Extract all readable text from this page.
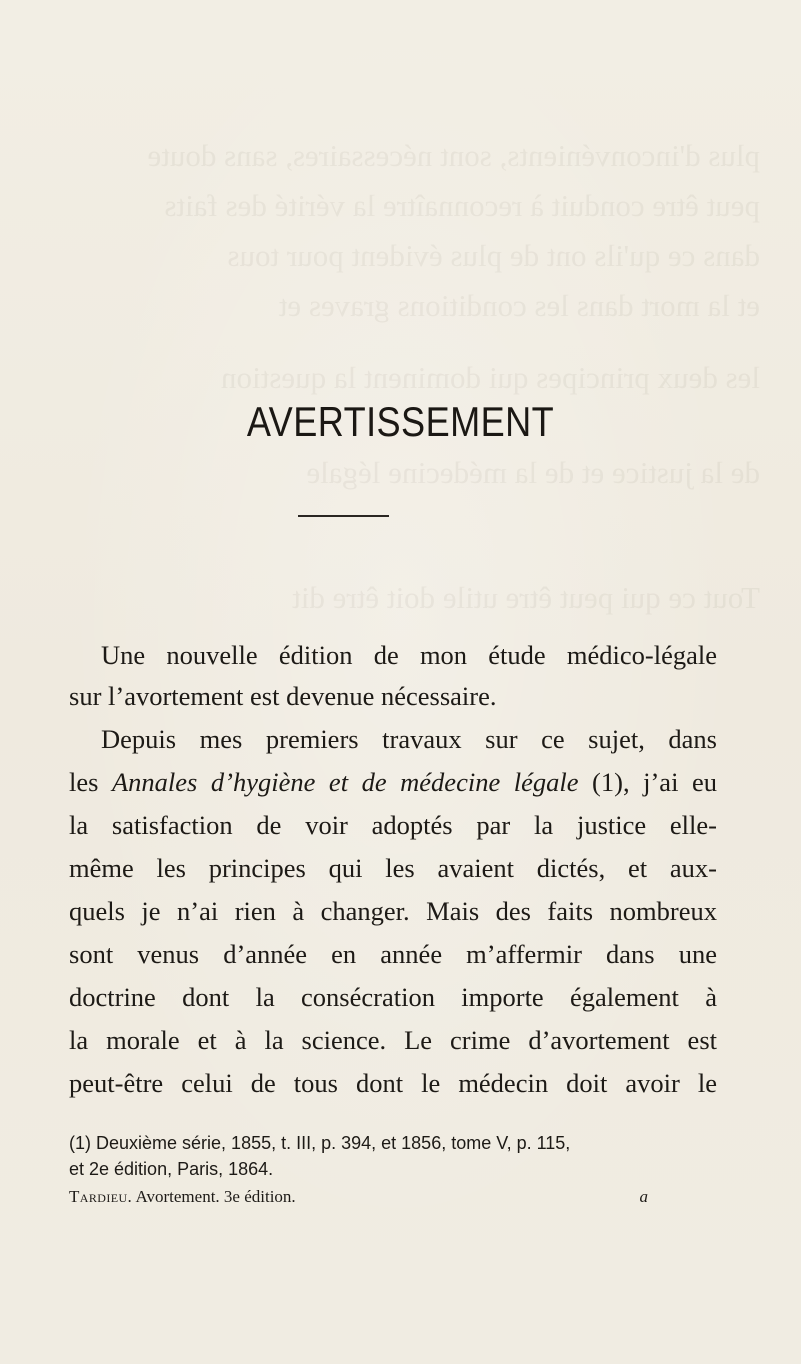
plus d'inconvénients, sont nécessaires, sans doute
peut être conduit à reconnaître la vérité des faits
dans ce qu'ils ont de plus évident pour tous
et la mort dans les conditions graves et
les deux principes qui dominent la question
de la justice et de la médecine légale
Tout ce qui peut être utile doit être dit
AVERTISSEMENT
Une nouvelle édition de mon étude médico-légale
sur l’avortement est devenue nécessaire.
Depuis mes premiers travaux sur ce sujet, dans
les Annales d’hygiène et de médecine légale (1), j’ai eu
la satisfaction de voir adoptés par la justice elle-
même les principes qui les avaient dictés, et aux-
quels je n’ai rien à changer. Mais des faits nombreux
sont venus d’année en année m’affermir dans une
doctrine dont la consécration importe également à
la morale et à la science. Le crime d’avortement est
peut-être celui de tous dont le médecin doit avoir le
(1) Deuxième série, 1855, t. III, p. 394, et 1856, tome V, p. 115,
et 2e édition, Paris, 1864.
Tardieu. Avortement. 3e édition.	a
